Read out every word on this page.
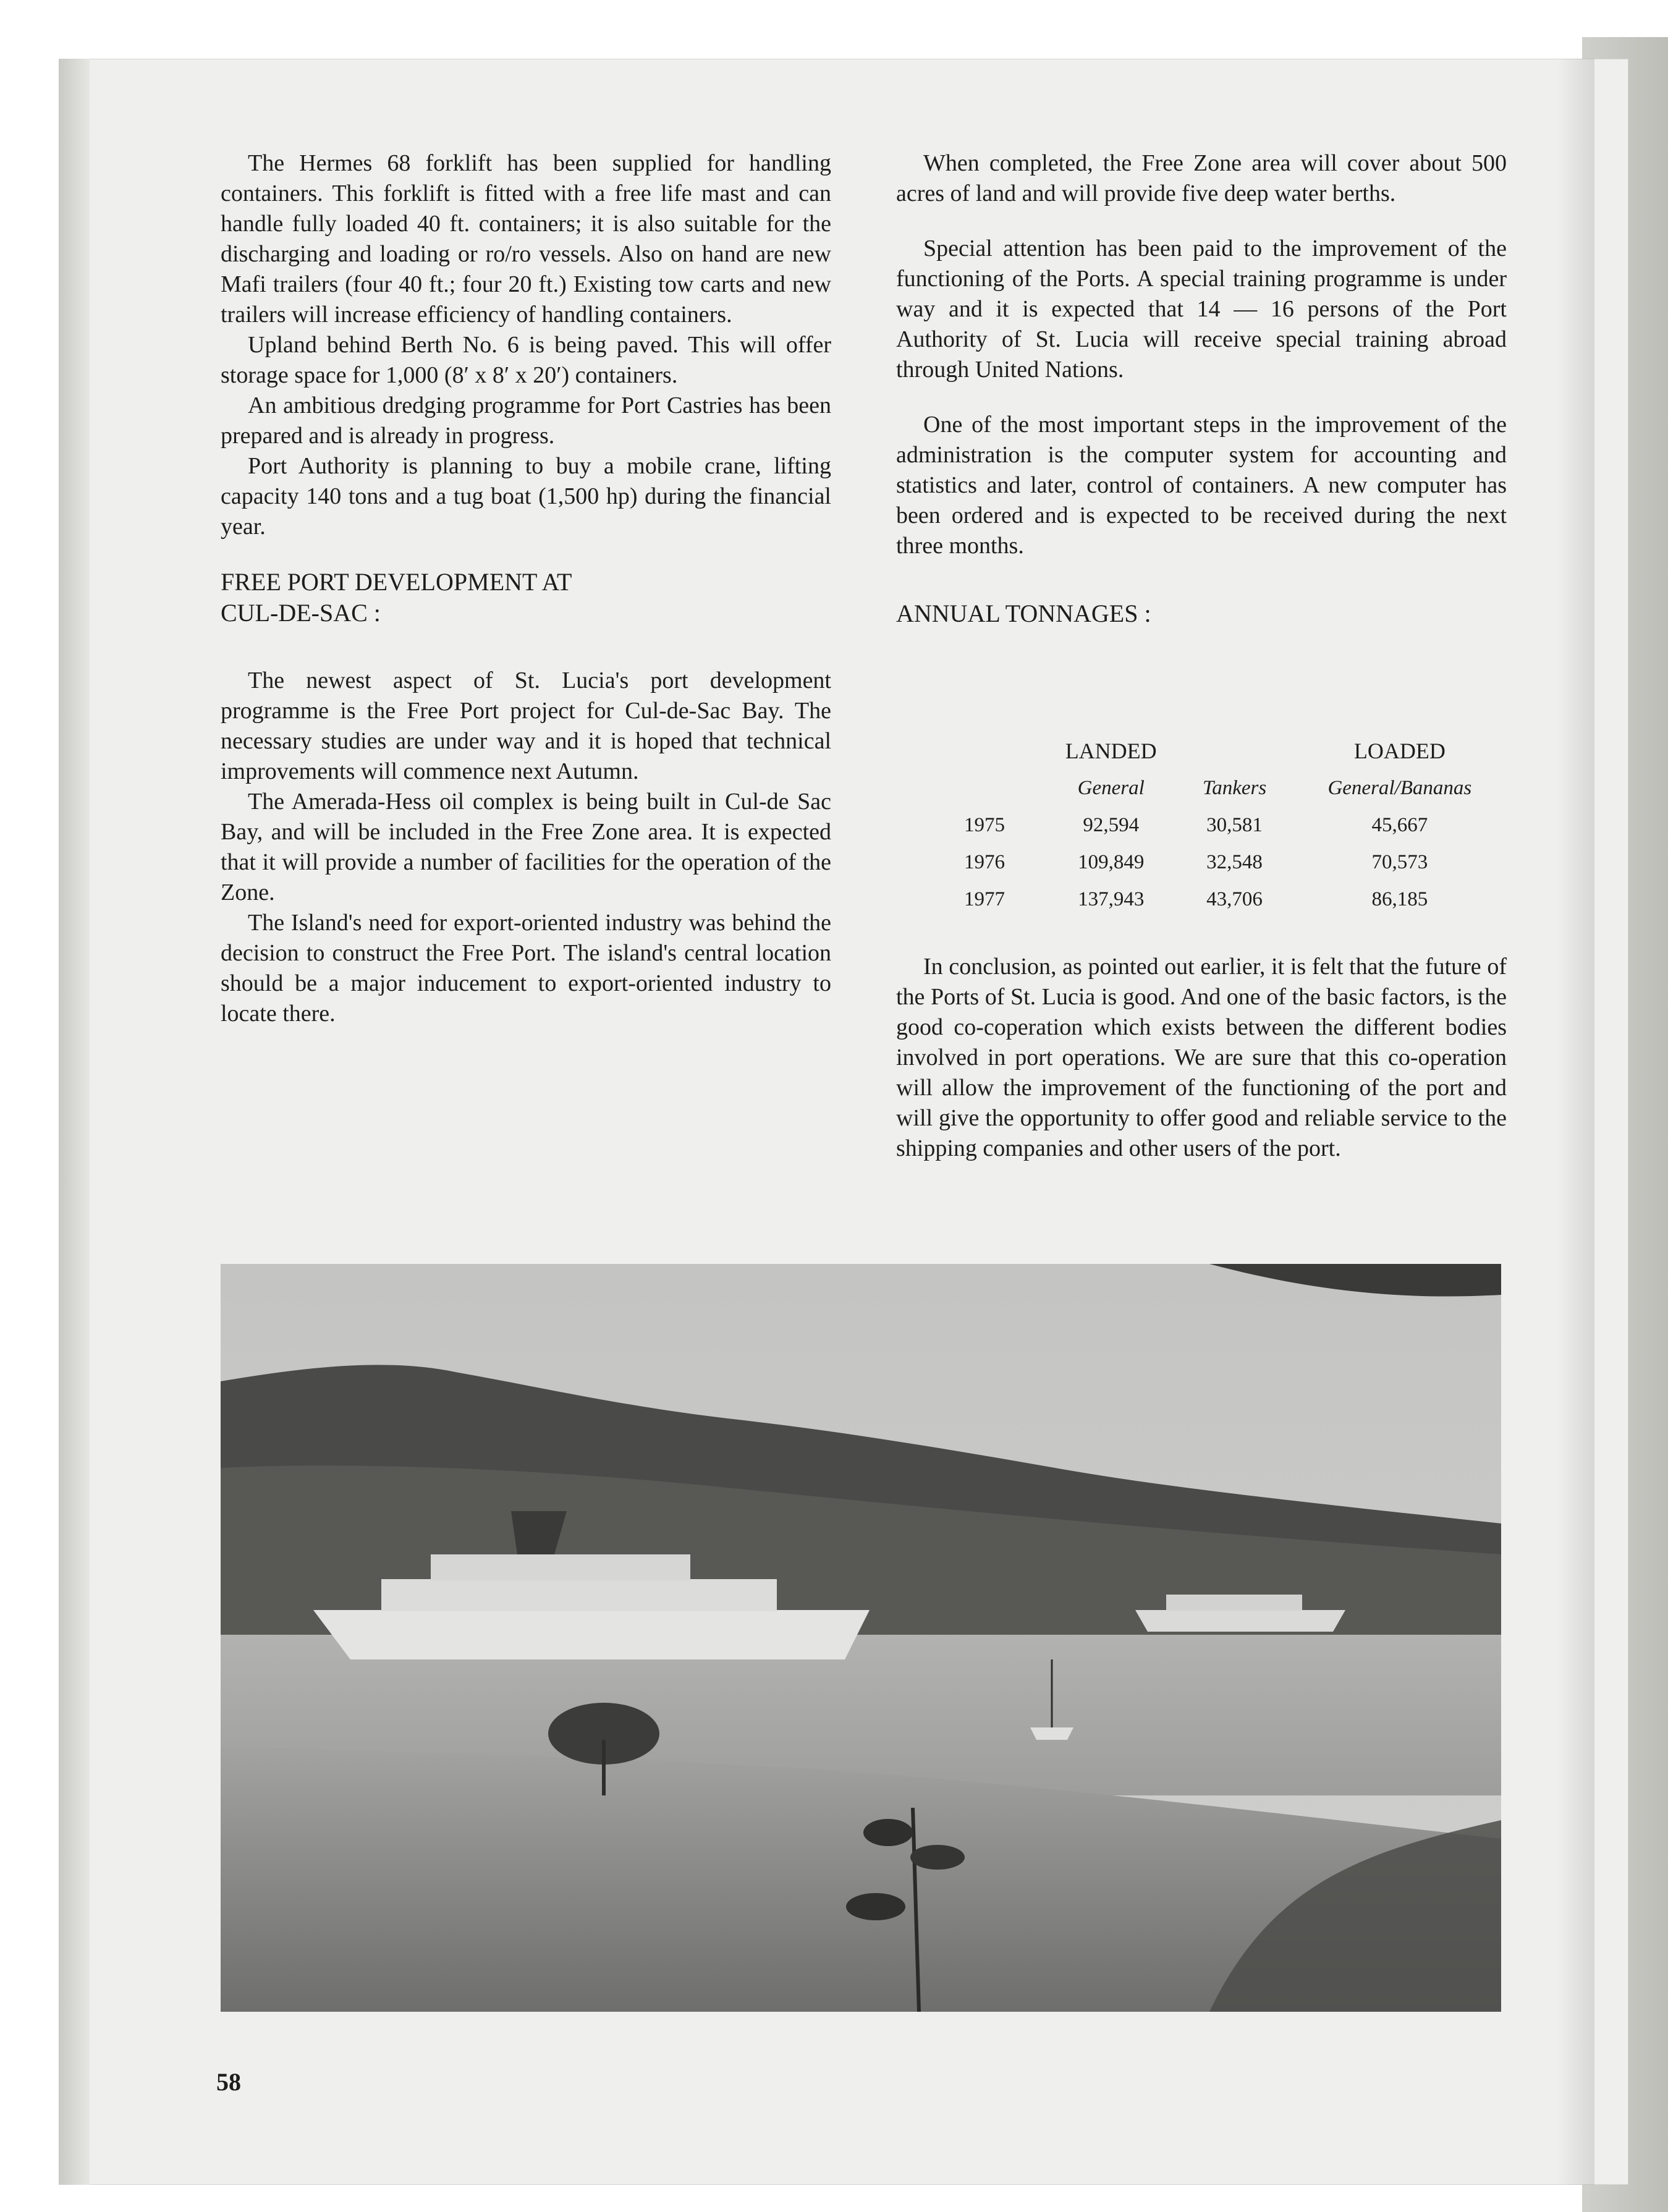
The Hermes 68 forklift has been supplied for handling containers. This forklift is fitted with a free life mast and can handle fully loaded 40 ft. containers; it is also suitable for the discharging and loading or ro/ro vessels. Also on hand are new Mafi trailers (four 40 ft.; four 20 ft.) Existing tow carts and new trailers will increase efficiency of handling containers.

Upland behind Berth No. 6 is being paved. This will offer storage space for 1,000 (8′ x 8′ x 20′) containers.

An ambitious dredging programme for Port Castries has been prepared and is already in progress.

Port Authority is planning to buy a mobile crane, lifting capacity 140 tons and a tug boat (1,500 hp) during the financial year.

FREE PORT DEVELOPMENT AT
CUL-DE-SAC :

The newest aspect of St. Lucia's port development programme is the Free Port project for Cul-de-Sac Bay. The necessary studies are under way and it is hoped that technical improvements will commence next Autumn.

The Amerada-Hess oil complex is being built in Cul-de Sac Bay, and will be included in the Free Zone area. It is expected that it will provide a number of facilities for the operation of the Zone.

The Island's need for export-oriented industry was behind the decision to construct the Free Port. The island's central location should be a major inducement to export-oriented industry to locate there.

When completed, the Free Zone area will cover about 500 acres of land and will provide five deep water berths.

Special attention has been paid to the improvement of the functioning of the Ports. A special training programme is under way and it is expected that 14 — 16 persons of the Port Authority of St. Lucia will receive special training abroad through United Nations.

One of the most important steps in the improvement of the administration is the computer system for accounting and statistics and later, control of containers. A new computer has been ordered and is expected to be received during the next three months.

ANNUAL TONNAGES :
	LANDED		LOADED
	General	Tankers	General/Bananas
1975	92,594	30,581	45,667
1976	109,849	32,548	70,573
1977	137,943	43,706	86,185

In conclusion, as pointed out earlier, it is felt that the future of the Ports of St. Lucia is good. And one of the basic factors, is the good co-coperation which exists between the different bodies involved in port operations. We are sure that this co-operation will allow the improvement of the functioning of the port and will give the opportunity to offer good and reliable service to the shipping companies and other users of the port.

58
